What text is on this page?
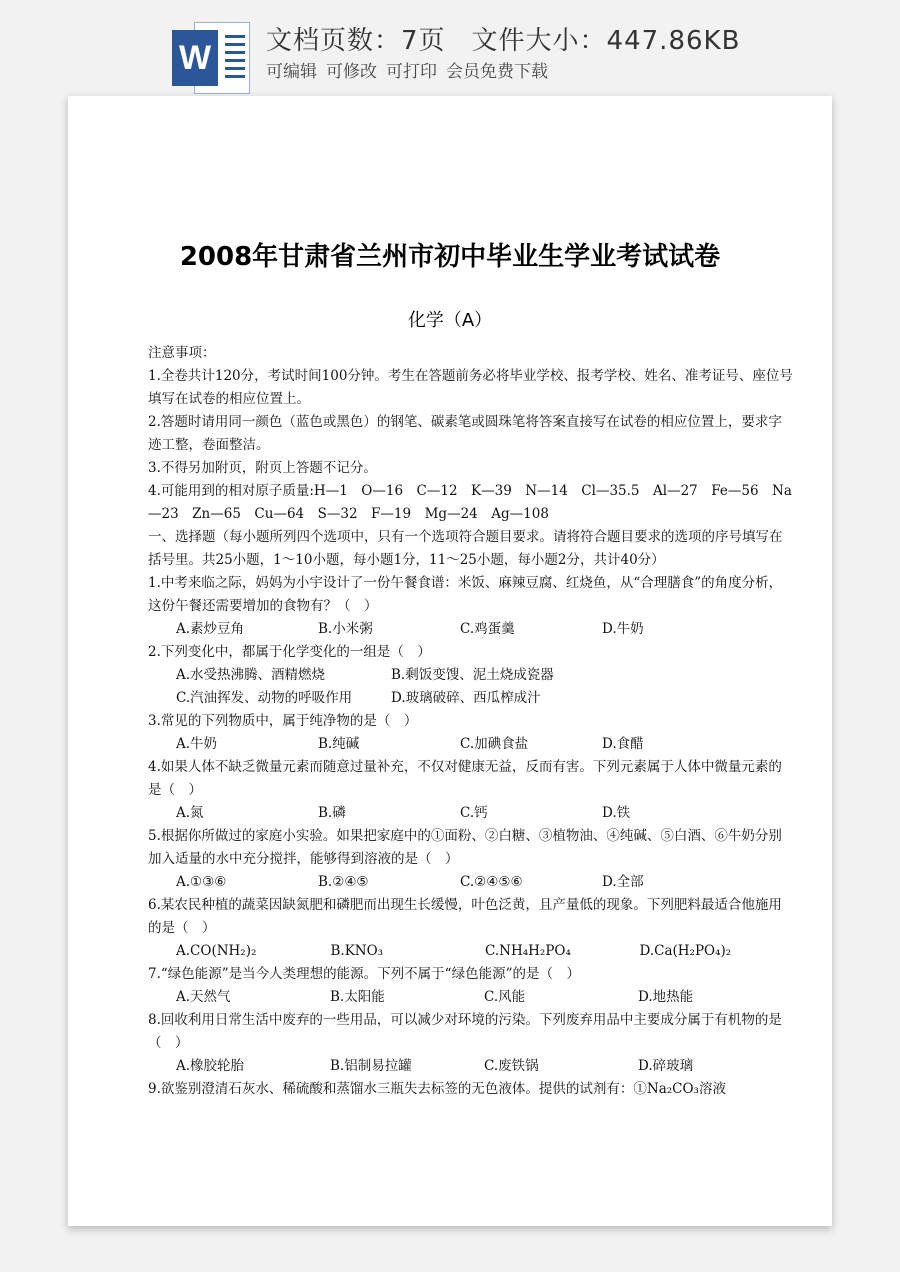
W 文档页数：7页 文件大小：447.86KB
可编辑 可修改 可打印 会员免费下载
2008年甘肃省兰州市初中毕业生学业考试试卷
化学（A）

注意事项：

1.全卷共计120分，考试时间100分钟。考生在答题前务必将毕业学校、报考学校、姓名、准考证号、座位号填写在试卷的相应位置上。

2.答题时请用同一颜色（蓝色或黑色）的钢笔、碳素笔或圆珠笔将答案直接写在试卷的相应位置上，要求字迹工整，卷面整洁。

3.不得另加附页，附页上答题不记分。

4.可能用到的相对原子质量:H—1　O—16　C—12　K—39　N—14　Cl—35.5　Al—27　Fe—56　Na—23　Zn—65　Cu—64　S—32　F—19　Mg—24　Ag—108

一、选择题（每小题所列四个选项中，只有一个选项符合题目要求。请将符合题目要求的选项的序号填写在括号里。共25小题，1～10小题，每小题1分，11～25小题，每小题2分，共计40分）

1.中考来临之际，妈妈为小宇设计了一份午餐食谱：米饭、麻辣豆腐、红烧鱼，从“合理膳食”的角度分析，这份午餐还需要增加的食物有？（　）

A.素炒豆角	B.小米粥	C.鸡蛋羹	D.牛奶

2.下列变化中，都属于化学变化的一组是（　）

A.水受热沸腾、酒精燃烧	B.剩饭变馊、泥土烧成瓷器
C.汽油挥发、动物的呼吸作用	D.玻璃破碎、西瓜榨成汁

3.常见的下列物质中，属于纯净物的是（　）

A.牛奶	B.纯碱	C.加碘食盐	D.食醋

4.如果人体不缺乏微量元素而随意过量补充，不仅对健康无益，反而有害。下列元素属于人体中微量元素的是（　）

A.氮	B.磷	C.钙	D.铁

5.根据你所做过的家庭小实验。如果把家庭中的①面粉、②白糖、③植物油、④纯碱、⑤白酒、⑥牛奶分别加入适量的水中充分搅拌，能够得到溶液的是（　）

A.①③⑥	B.②④⑤	C.②④⑤⑥	D.全部

6.某农民种植的蔬菜因缺氮肥和磷肥而出现生长缓慢，叶色泛黄，且产量低的现象。下列肥料最适合他施用的是（　）

A.CO(NH₂)₂	B.KNO₃	C.NH₄H₂PO₄	D.Ca(H₂PO₄)₂

7.“绿色能源”是当今人类理想的能源。下列不属于“绿色能源”的是（　）

A.天然气	B.太阳能	C.风能	D.地热能

8.回收利用日常生活中废弃的一些用品，可以减少对环境的污染。下列废弃用品中主要成分属于有机物的是（　）

A.橡胶轮胎	B.铝制易拉罐	C.废铁锅	D.碎玻璃

9.欲鉴别澄清石灰水、稀硫酸和蒸馏水三瓶失去标签的无色液体。提供的试剂有：①Na₂CO₃溶液
